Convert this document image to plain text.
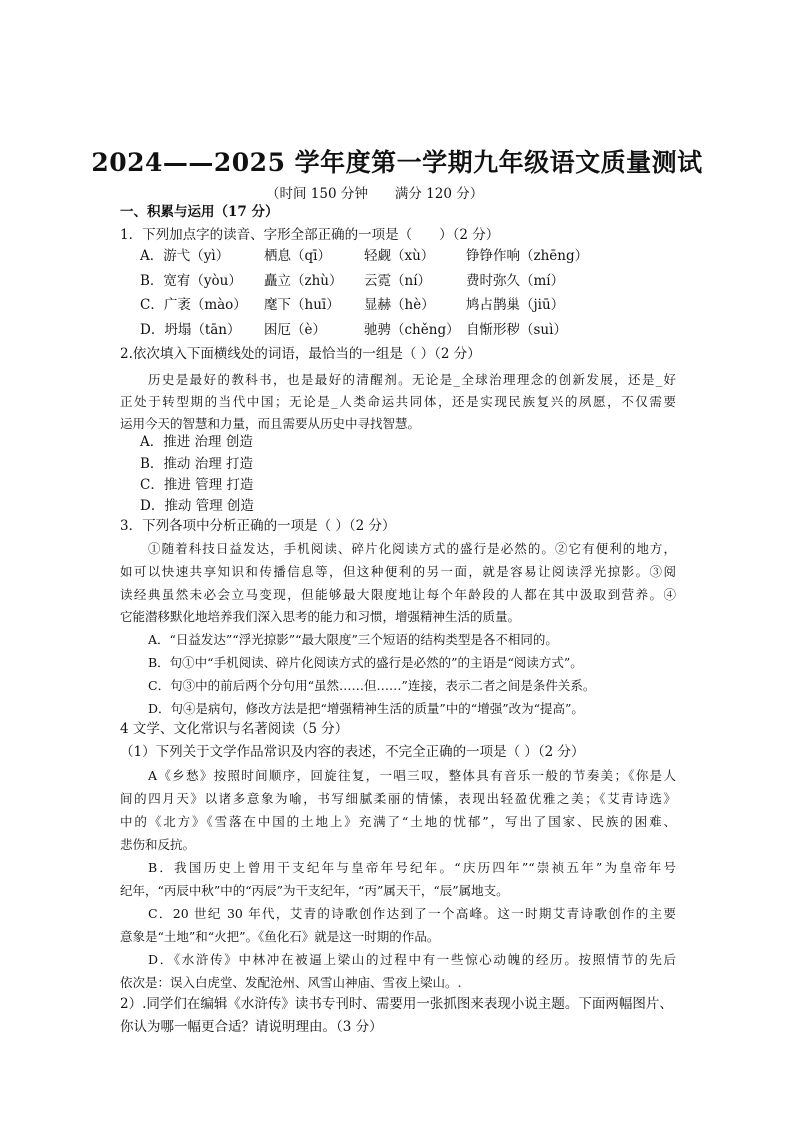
2024——2025 学年度第一学期九年级语文质量测试
（时间 150 分钟　　满分 120 分）
一、积累与运用（17 分）
1．下列加点字的读音、字形全部正确的一项是（　　）（2 分）
A．游弋（yì）	栖息（qī） 轻觑（xù） 铮铮作响（zhēng）
B．宽宥（yòu） 矗立（zhù） 云霓（ní）	费时弥久（mí）
C．广袤（mào） 麾下（huī） 显赫（hè） 鸠占鹊巢（jiū）
D．坍塌（tān） 困厄（è）	驰骋（chěng） 自惭形秽（suì）
2.依次填入下面横线处的词语，最恰当的一组是（ ）（2 分）
历史是最好的教科书，也是最好的清醒剂。无论是_全球治理理念的创新发展，还是_好
正处于转型期的当代中国；无论是_人类命运共同体，还是实现民族复兴的夙愿，不仅需要
运用今天的智慧和力量，而且需要从历史中寻找智慧。
A．推进 治理 创造
B．推动 治理 打造
C．推进 管理 打造
D．推动 管理 创造
3．下列各项中分析正确的一项是（ ）（2 分）
①随着科技日益发达，手机阅读、碎片化阅读方式的盛行是必然的。②它有便利的地方，
如可以快速共享知识和传播信息等，但这种便利的另一面，就是容易让阅读浮光掠影。③阅
读经典虽然未必会立马变现，但能够最大限度地让每个年龄段的人都在其中汲取到营养。④
它能潜移默化地培养我们深入思考的能力和习惯，增强精神生活的质量。
A．“日益发达”“浮光掠影”“最大限度”三个短语的结构类型是各不相同的。
B．句①中“手机阅读、碎片化阅读方式的盛行是必然的”的主语是“阅读方式”。
C．句③中的前后两个分句用“虽然……但……”连接，表示二者之间是条件关系。
D．句④是病句，修改方法是把“增强精神生活的质量”中的“增强”改为“提高”。
4 文学、文化常识与名著阅读（5 分）
（1）下列关于文学作品常识及内容的表述，不完全正确的一项是（ ）（2 分）
A《乡愁》按照时间顺序，回旋往复，一唱三叹，整体具有音乐一般的节奏美；《你是人
间的四月天》以诸多意象为喻，书写细腻柔丽的情愫，表现出轻盈优雅之美；《艾青诗选》
中的《北方》《雪落在中国的土地上》充满了“土地的忧郁”，写出了国家、民族的困难、
悲伤和反抗。
B．我国历史上曾用干支纪年与皇帝年号纪年。“庆历四年”“崇祯五年”为皇帝年号
纪年，“丙辰中秋”中的“丙辰”为干支纪年，“丙”属天干，“辰”属地支。
C．20 世纪 30 年代，艾青的诗歌创作达到了一个高峰。这一时期艾青诗歌创作的主要
意象是“土地”和“火把”。《鱼化石》就是这一时期的作品。
D．《水浒传》中林冲在被逼上梁山的过程中有一些惊心动魄的经历。按照情节的先后
依次是：误入白虎堂、发配沧州、风雪山神庙、雪夜上梁山。.
2）.同学们在编辑《水浒传》读书专刊时、需要用一张抓图来表现小说主题。下面两幅图片、
你认为哪一幅更合适？请说明理由。（3 分）
